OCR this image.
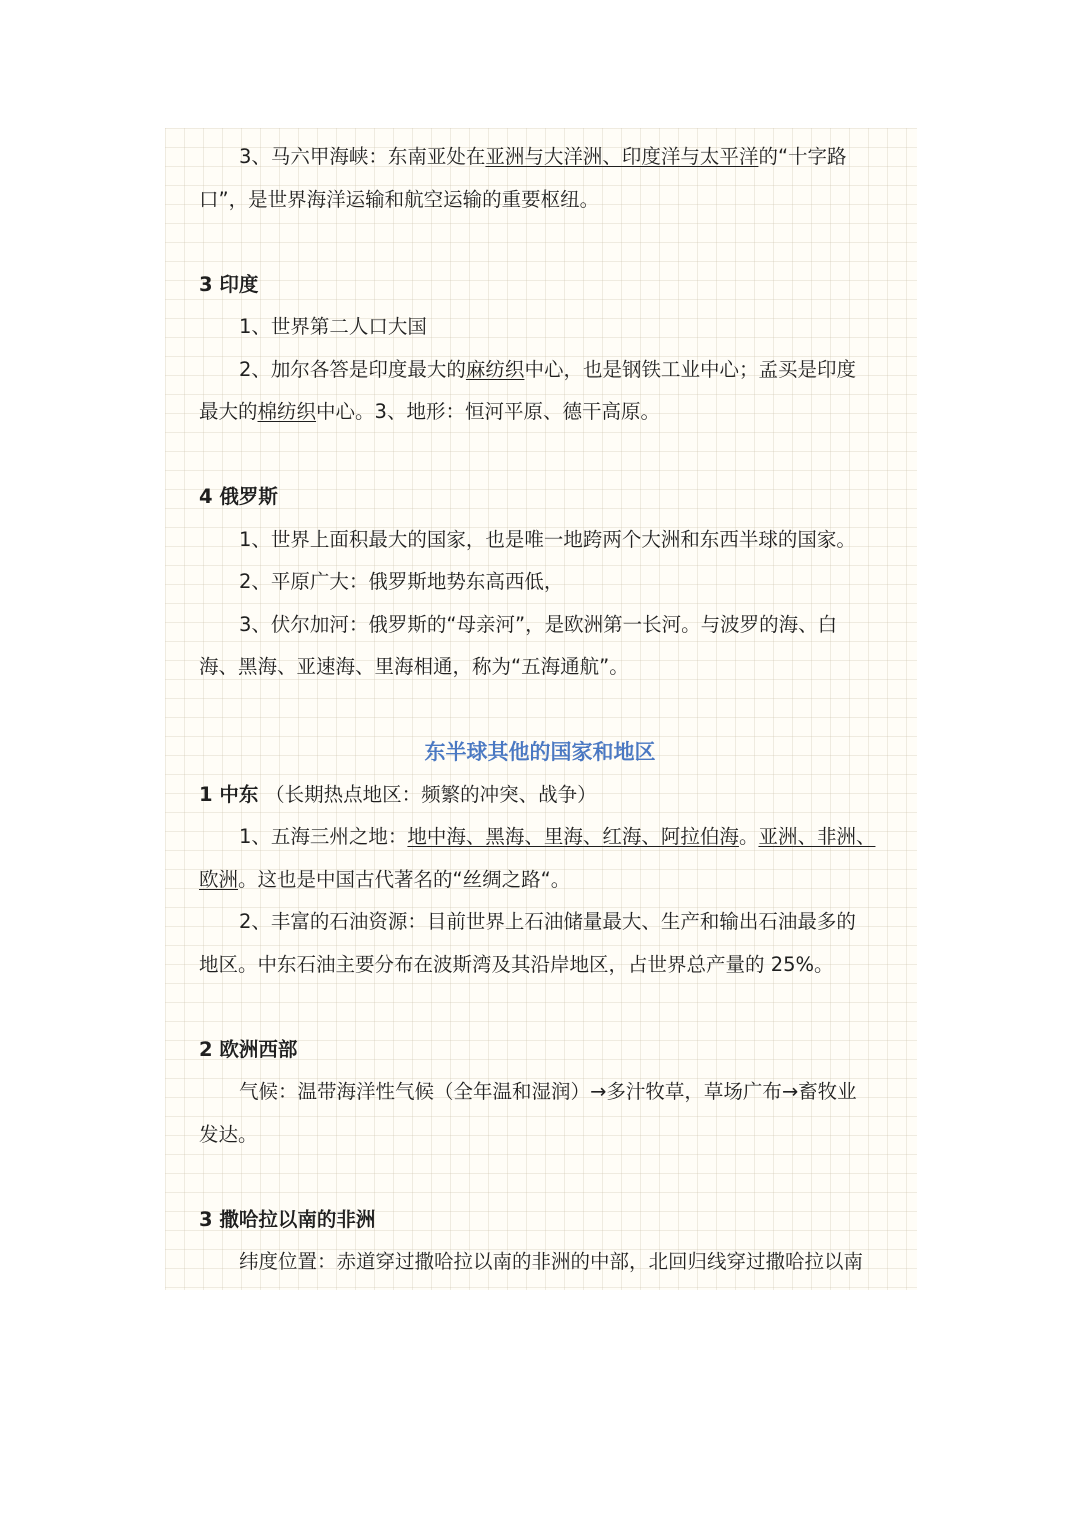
3、马六甲海峡：东南亚处在亚洲与大洋洲、印度洋与太平洋的“十字路
口”，是世界海洋运输和航空运输的重要枢纽。
3 印度
1、世界第二人口大国
2、加尔各答是印度最大的麻纺织中心，也是钢铁工业中心；孟买是印度
最大的棉纺织中心。3、地形：恒河平原、德干高原。
4 俄罗斯
1、世界上面积最大的国家，也是唯一地跨两个大洲和东西半球的国家。
2、平原广大：俄罗斯地势东高西低，
3、伏尔加河：俄罗斯的“母亲河”，是欧洲第一长河。与波罗的海、白
海、黑海、亚速海、里海相通，称为“五海通航”。
东半球其他的国家和地区
1 中东 （长期热点地区：频繁的冲突、战争）
1、五海三州之地：地中海、黑海、里海、红海、阿拉伯海。亚洲、非洲、
欧洲。这也是中国古代著名的“丝绸之路“。
2、丰富的石油资源：目前世界上石油储量最大、生产和输出石油最多的
地区。中东石油主要分布在波斯湾及其沿岸地区，占世界总产量的 25%。
2 欧洲西部
气候：温带海洋性气候（全年温和湿润）→多汁牧草，草场广布→畜牧业
发达。
3 撒哈拉以南的非洲
纬度位置：赤道穿过撒哈拉以南的非洲的中部，北回归线穿过撒哈拉以南
